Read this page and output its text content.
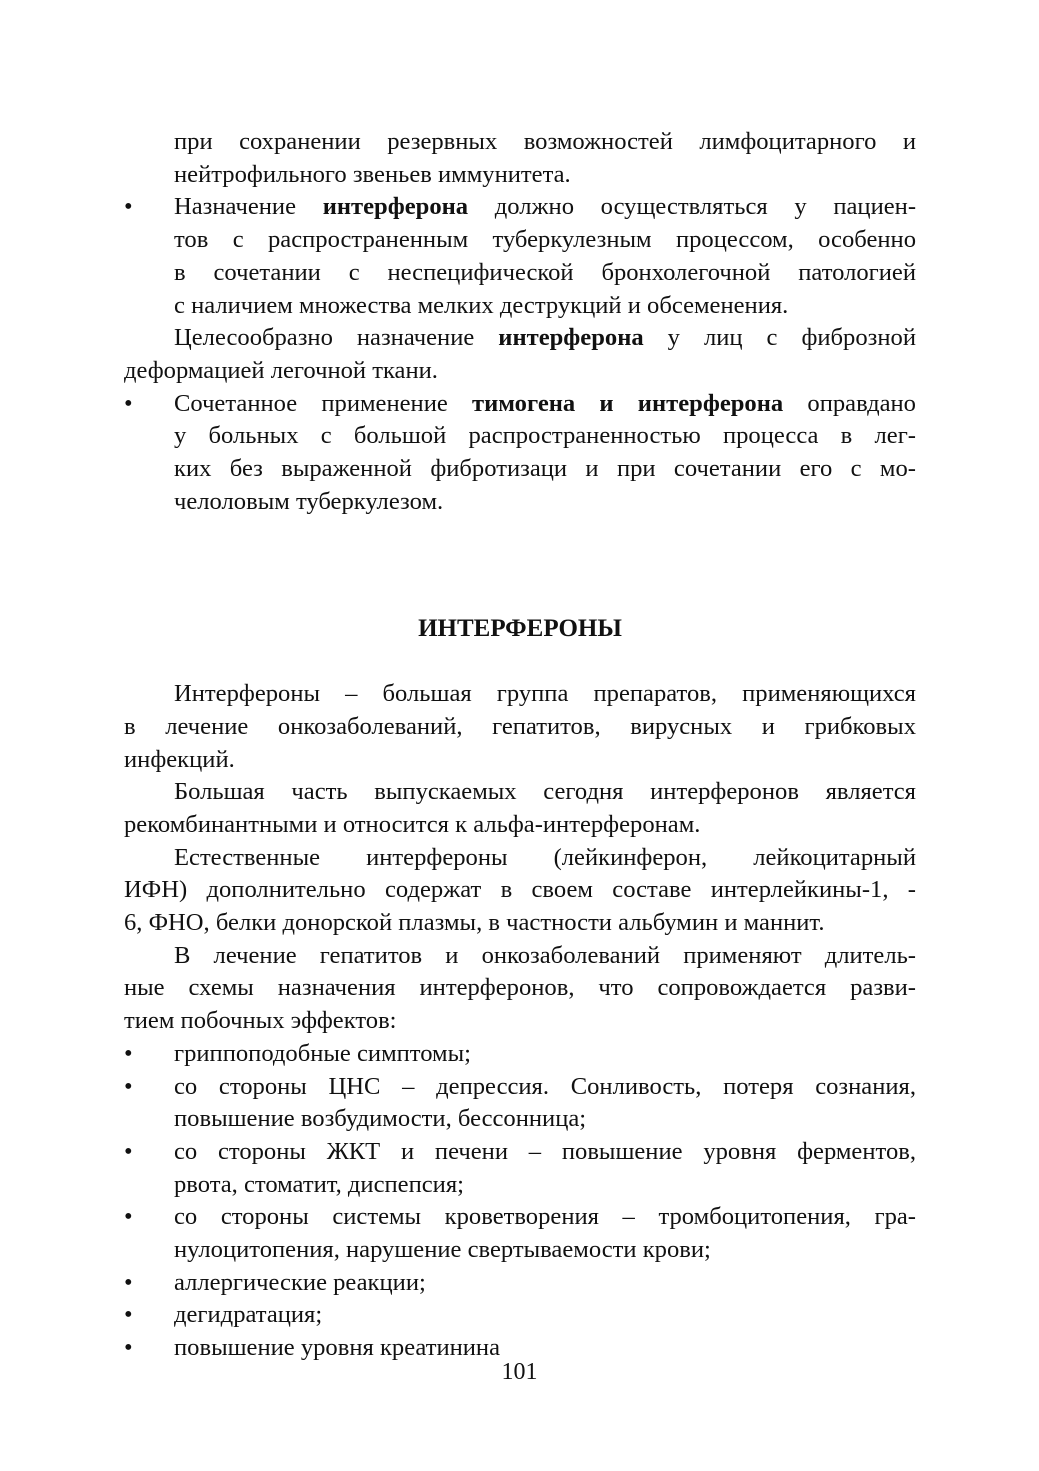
при сохранении резервных возможностей лимфоцитарного и
нейтрофильного звеньев иммунитета.
•	Назначение интерферона должно осуществляться у пациен-
тов с распространенным туберкулезным процессом, особенно
в сочетании с неспецифической бронхолегочной патологией
с наличием множества мелких деструкций и обсеменения.
Целесообразно назначение интерферона у лиц с фиброзной
деформацией легочной ткани.
•	Сочетанное применение тимогена и интерферона оправдано
у больных с большой распространенностью процесса в лег-
ких без выраженной фибротизаци и при сочетании его с мо-
челоловым туберкулезом.
ИНТЕРФЕРОНЫ
Интерфероны – большая группа препаратов, применяющихся
в лечение онкозаболеваний, гепатитов, вирусных и грибковых
инфекций.
Большая часть выпускаемых сегодня интерферонов является
рекомбинантными и относится к альфа-интерферонам.
Естественные интерфероны (лейкинферон, лейкоцитарный
ИФН) дополнительно содержат в своем составе интерлейкины-1, -
6, ФНО, белки донорской плазмы, в частности альбумин и маннит.
В лечение гепатитов и онкозаболеваний применяют длитель-
ные схемы назначения интерферонов, что сопровождается разви-
тием побочных эффектов:
•	гриппоподобные симптомы;
•	со стороны ЦНС – депрессия. Сонливость, потеря сознания,
повышение возбудимости, бессонница;
•	со стороны ЖКТ и печени – повышение уровня ферментов,
рвота, стоматит, диспепсия;
•	со стороны системы кроветворения – тромбоцитопения, гра-
нулоцитопения, нарушение свертываемости крови;
•	аллергические реакции;
•	дегидратация;
•	повышение уровня креатинина
101
